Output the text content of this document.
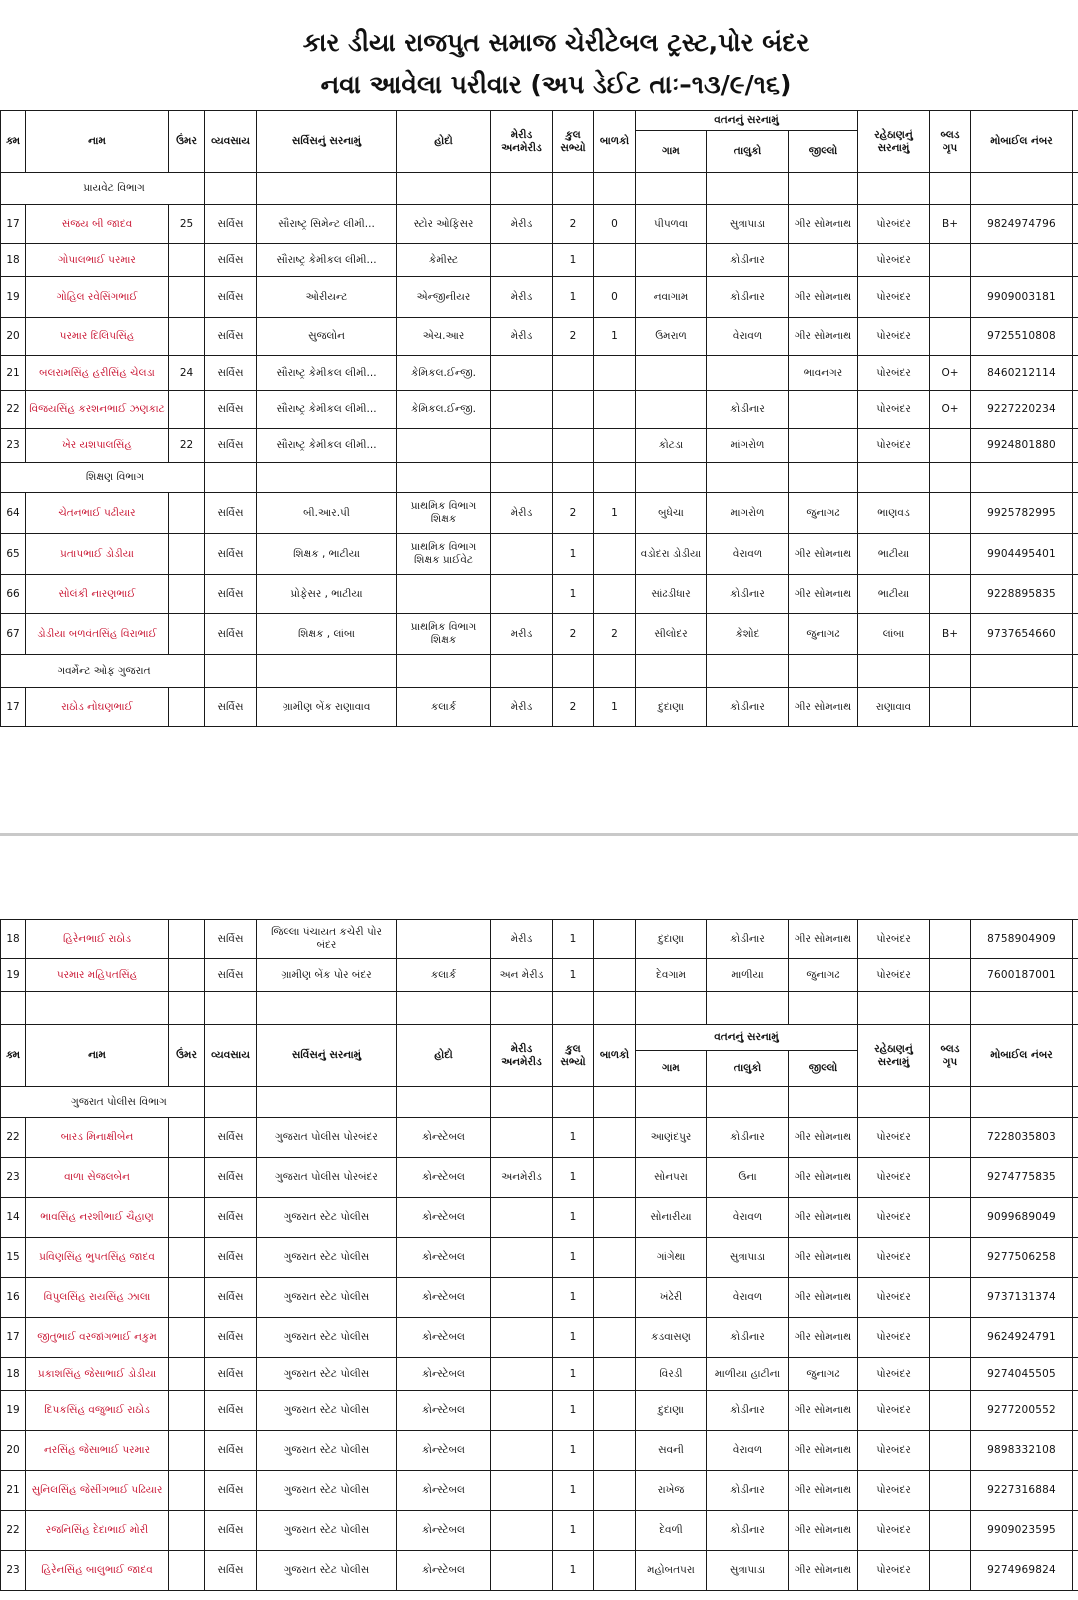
કાર ડીયા રાજપુત સમાજ ચેરીટેબલ ટ્રસ્ટ,પોર બંદર
નવા આવેલા પરીવાર (અપ ડેઈટ તાઃ–૧૩/૯/૧૬)
ક્મ	નામ	ઉંમર	વ્યવસાય	સર્વિસનું સરનામું	હોદો	મેરીડ અનમેરીડ	કુલ સભ્યો	બાળકો	વતનનું સરનામું			રહેઠાણનું સરનામું	બ્લડ ગૃપ	મોબાઈલ નંબર	
									ગામ	તાલુકો	જીલ્લો				
પ્રાયવેટ વિભાગ															
17	સંજય બી જાદવ	25	સર્વિસ	સૌરાષ્ટ્ર સિમેન્ટ લીમી...	સ્ટોર ઓફિસર	મેરીડ	2	0	પીપળવા	સુત્રાપાડા	ગીર સોમનાથ	પોરબંદર	B+	9824974796	
18	ગોપાલભાઈ પરમાર		સર્વિસ	સૌરાષ્ટ્ર કેમીકલ લીમી...	કેમીસ્ટ		1			કોડીનાર		પોરબંદર			
19	ગોહિલ રવેસિંગભાઈ		સર્વિસ	ઓરીયન્ટ	એન્જીનીયર	મેરીડ	1	0	નવાગામ	કોડીનાર	ગીર સોમનાથ	પોરબંદર		9909003181	
20	પરમાર દિલિપસિંહ		સર્વિસ	સુજલોન	એચ.આર	મેરીડ	2	1	ઉમરાળ	વેરાવળ	ગીર સોમનાથ	પોરબંદર		9725510808	
21	બલરામસિંહ હરીસિંહ ચેલડા	24	સર્વિસ	સૌરાષ્ટ્ર કેમીકલ લીમી...	કેમિકલ.ઈન્જી.						ભાવનગર	પોરબંદર	O+	8460212114	
22	વિજયસિંહ કરશનભાઈ ઝણકાટ		સર્વિસ	સૌરાષ્ટ્ર કેમીકલ લીમી...	કેમિકલ.ઈન્જી.					કોડીનાર		પોરબંદર	O+	9227220234	
23	ખેર યશપાલસિંહ	22	સર્વિસ	સૌરાષ્ટ્ર કેમીકલ લીમી...					કોટડા	માંગરોળ		પોરબંદર		9924801880	
શિક્ષણ વિભાગ															
64	ચેતનભાઈ પઢીયાર		સર્વિસ	બી.આર.પી	પ્રાથમિક વિભાગ શિક્ષક	મેરીડ	2	1	બુધેચા	માગરોળ	જુનાગઢ	ભાણવડ		9925782995	
65	પ્રતાપભાઈ ડોડીયા		સર્વિસ	શિક્ષક , ભાટીયા	પ્રાથમિક વિભાગ શિક્ષક પ્રાઈવેટ		1		વડોદરા ડોડીયા	વેરાવળ	ગીર સોમનાથ	ભાટીયા		9904495401	
66	સોલંકી નારણભાઈ		સર્વિસ	પ્રોફેસર , ભાટીયા			1		સાંઢડીધાર	કોડીનાર	ગીર સોમનાથ	ભાટીયા		9228895835	
67	ડોડીયા બળવંતસિંહ વિરાભાઈ		સર્વિસ	શિક્ષક , લાંબા	પ્રાથમિક વિભાગ શિક્ષક	મરીડ	2	2	સીલોદર	કેશોદ	જુનાગઢ	લાંબા	B+	9737654660	
ગવર્મેન્ટ ઓફ ગુજરાત															
17	રાઠોડ નોઘણભાઈ		સર્વિસ	ગ્રામીણ બેંક રાણાવાવ	કલાર્ક	મેરીડ	2	1	દુદાણા	કોડીનાર	ગીર સોમનાથ	રાણાવાવ			
18	હિરેનભાઈ રાઠોડ		સર્વિસ	જિલ્લા પંચાયત કચેરી પોર બંદર		મેરીડ	1		દુદાણા	કોડીનાર	ગીર સોમનાથ	પોરબંદર		8758904909	
19	પરમાર મહિપતસિંહ		સર્વિસ	ગ્રામીણ બેંક પોર બંદર	કલાર્ક	અન મેરીડ	1		દેવગામ	માળીયા	જુનાગઢ	પોરબંદર		7600187001	

ક્મ	નામ	ઉંમર	વ્યવસાય	સર્વિસનું સરનામું	હોદો	મેરીડ અનમેરીડ	કુલ સભ્યો	બાળકો	વતનનું સરનામું			રહેઠાણનું સરનામું	બ્લડ ગૃપ	મોબાઈલ નંબર	
									ગામ	તાલુકો	જીલ્લો				
ગુજરાત પોલીસ વિભાગ															
22	બારડ મિનાક્ષીબેન		સર્વિસ	ગુજરાત પોલીસ પોરબંદર	કોન્સ્ટેબલ		1		આણંદપુર	કોડીનાર	ગીર સોમનાથ	પોરબંદર		7228035803	
23	વાળા સેજલબેન		સર્વિસ	ગુજરાત પોલીસ પોરબંદર	કોન્સ્ટેબલ	અનમેરીડ	1		સોનપરા	ઉના	ગીર સોમનાથ	પોરબંદર		9274775835	
14	ભાવસિંહ નરશીભાઈ ચૈહાણ		સર્વિસ	ગુજરાત સ્ટેટ પોલીસ	કોન્સ્ટેબલ		1		સોનારીયા	વેરાવળ	ગીર સોમનાથ	પોરબંદર		9099689049	
15	પ્રવિણસિંહ ભુપતસિંહ જાદવ		સર્વિસ	ગુજરાત સ્ટેટ પોલીસ	કોન્સ્ટેબલ		1		ગાંગેથા	સુત્રાપાડા	ગીર સોમનાથ	પોરબંદર		9277506258	
16	વિપુલસિંહ રાયસિંહ ઝાલા		સર્વિસ	ગુજરાત સ્ટેટ પોલીસ	કોન્સ્ટેબલ		1		ખંઢેરી	વેરાવળ	ગીર સોમનાથ	પોરબંદર		9737131374	
17	જીતુભાઈ વરજાંગભાઈ નકુમ		સર્વિસ	ગુજરાત સ્ટેટ પોલીસ	કોન્સ્ટેબલ		1		કડવાસણ	કોડીનાર	ગીર સોમનાથ	પોરબંદર		9624924791	
18	પ્રકાશસિંહ જેસાભાઈ ડોડીયા		સર્વિસ	ગુજરાત સ્ટેટ પોલીસ	કોન્સ્ટેબલ		1		વિરડી	માળીયા હાટીના	જુનાગઢ	પોરબંદર		9274045505	
19	દિપકસિંહ વજુભાઈ રાઠોડ		સર્વિસ	ગુજરાત સ્ટેટ પોલીસ	કોન્સ્ટેબલ		1		દુદાણા	કોડીનાર	ગીર સોમનાથ	પોરબંદર		9277200552	
20	નરસિંહ જેસાભાઈ પરમાર		સર્વિસ	ગુજરાત સ્ટેટ પોલીસ	કોન્સ્ટેબલ		1		સવની	વેરાવળ	ગીર સોમનાથ	પોરબંદર		9898332108	
21	સુનિલસિંહ જેસીંગભાઈ પઢિયાર		સર્વિસ	ગુજરાત સ્ટેટ પોલીસ	કોન્સ્ટેબલ		1		રાખેજ	કોડીનાર	ગીર સોમનાથ	પોરબંદર		9227316884	
22	રજનિસિંહ દેદાભાઈ મોરી		સર્વિસ	ગુજરાત સ્ટેટ પોલીસ	કોન્સ્ટેબલ		1		દેવળી	કોડીનાર	ગીર સોમનાથ	પોરબંદર		9909023595	
23	હિરેનસિંહ બાલુભાઈ જાદવ		સર્વિસ	ગુજરાત સ્ટેટ પોલીસ	કોન્સ્ટેબલ		1		મહોબતપરા	સુત્રાપાડા	ગીર સોમનાથ	પોરબંદર		9274969824	
